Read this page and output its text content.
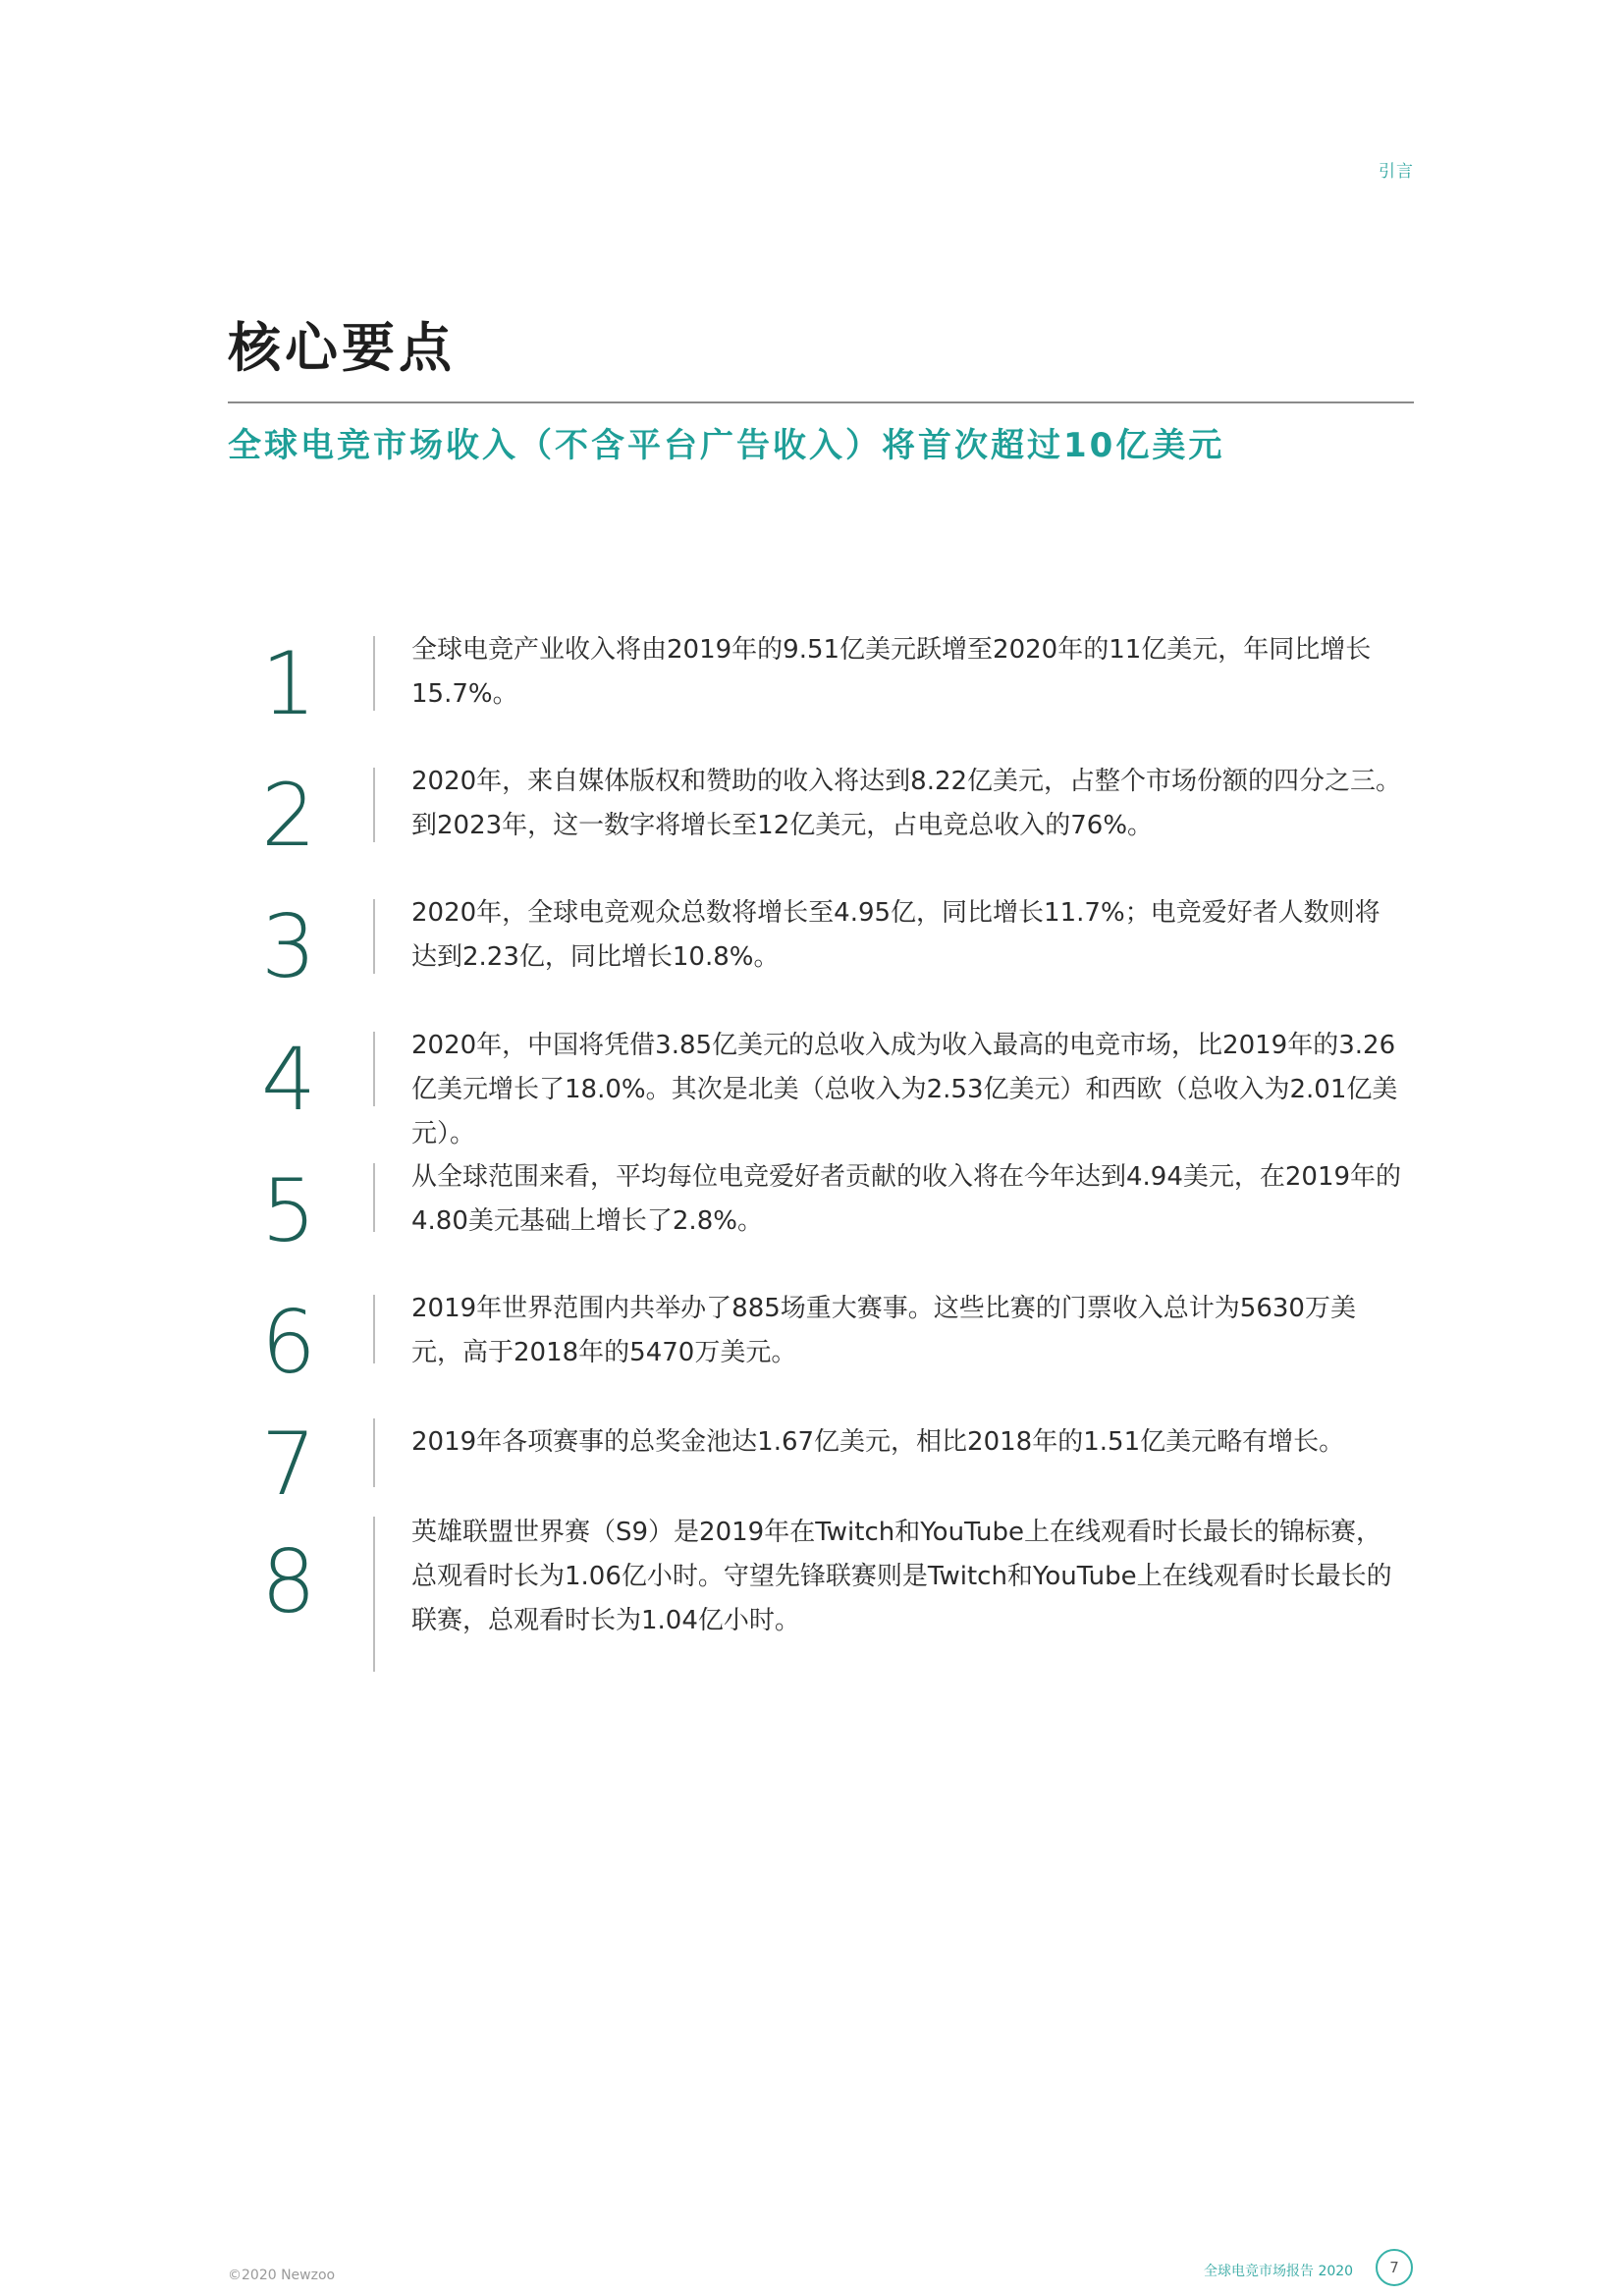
引言
核心要点
全球电竞市场收入（不含平台广告收入）将首次超过10亿美元
1	全球电竞产业收入将由2019年的9.51亿美元跃增至2020年的11亿美元，年同比增长15.7%。

2	2020年，来自媒体版权和赞助的收入将达到8.22亿美元，占整个市场份额的四分之三。到2023年，这一数字将增长至12亿美元，占电竞总收入的76%。

3	2020年，全球电竞观众总数将增长至4.95亿，同比增长11.7%；电竞爱好者人数则将达到2.23亿，同比增长10.8%。

4	2020年，中国将凭借3.85亿美元的总收入成为收入最高的电竞市场，比2019年的3.26亿美元增长了18.0%。其次是北美（总收入为2.53亿美元）和西欧（总收入为2.01亿美元）。

5	从全球范围来看，平均每位电竞爱好者贡献的收入将在今年达到4.94美元，在2019年的4.80美元基础上增长了2.8%。

6	2019年世界范围内共举办了885场重大赛事。这些比赛的门票收入总计为5630万美元，高于2018年的5470万美元。

7	2019年各项赛事的总奖金池达1.67亿美元，相比2018年的1.51亿美元略有增长。

8	英雄联盟世界赛（S9）是2019年在Twitch和YouTube上在线观看时长最长的锦标赛，总观看时长为1.06亿小时。守望先锋联赛则是Twitch和YouTube上在线观看时长最长的联赛，总观看时长为1.04亿小时。

©2020 Newzoo	全球电竞市场报告 2020	7
